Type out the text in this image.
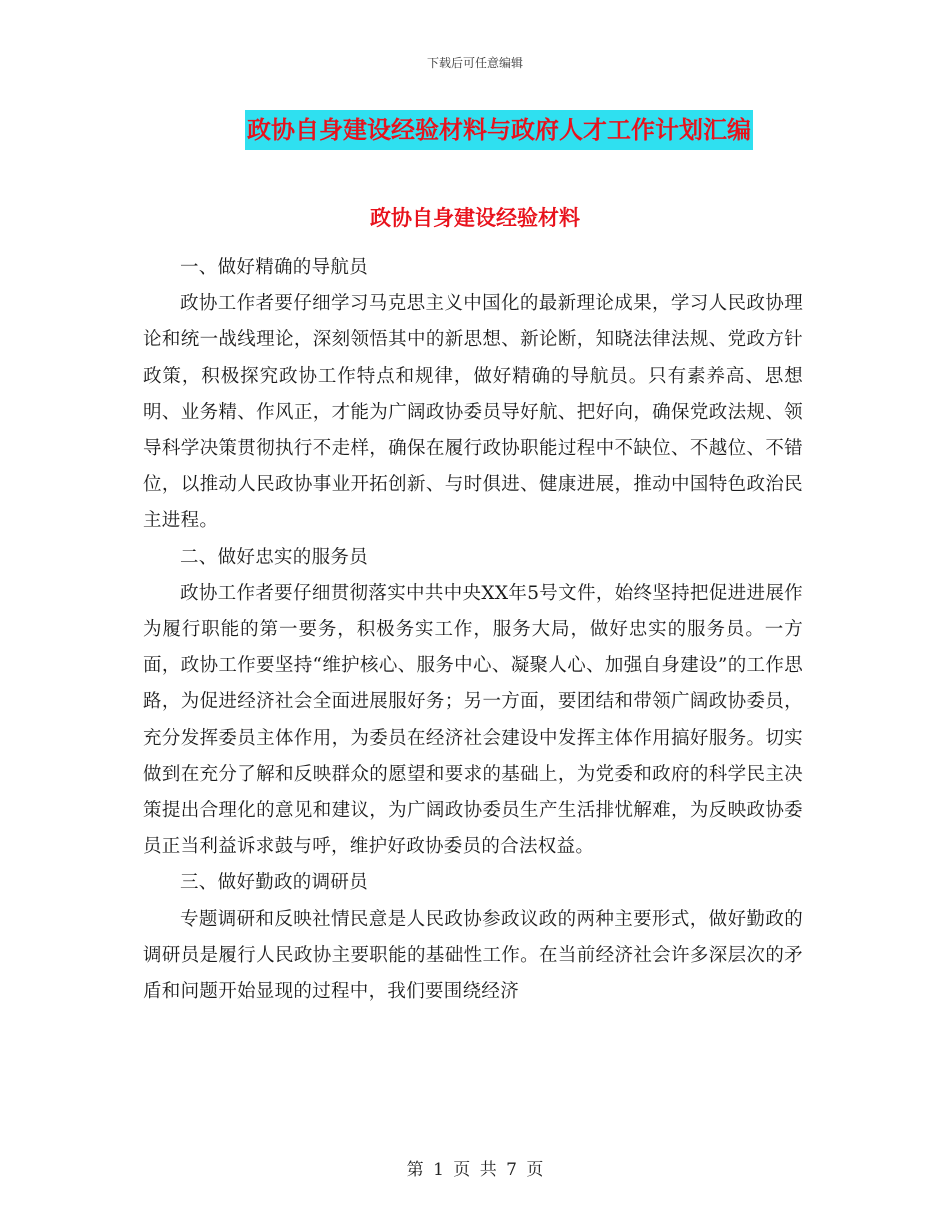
下载后可任意编辑
政协自身建设经验材料与政府人才工作计划汇编
政协自身建设经验材料

一、做好精确的导航员

政协工作者要仔细学习马克思主义中国化的最新理论成果，学习人民政协理论和统一战线理论，深刻领悟其中的新思想、新论断，知晓法律法规、党政方针政策，积极探究政协工作特点和规律，做好精确的导航员。只有素养高、思想明、业务精、作风正，才能为广阔政协委员导好航、把好向，确保党政法规、领导科学决策贯彻执行不走样，确保在履行政协职能过程中不缺位、不越位、不错位，以推动人民政协事业开拓创新、与时俱进、健康进展，推动中国特色政治民主进程。

二、做好忠实的服务员

政协工作者要仔细贯彻落实中共中央XX年5号文件，始终坚持把促进进展作为履行职能的第一要务，积极务实工作，服务大局，做好忠实的服务员。一方面，政协工作要坚持“维护核心、服务中心、凝聚人心、加强自身建设”的工作思路，为促进经济社会全面进展服好务；另一方面，要团结和带领广阔政协委员，充分发挥委员主体作用，为委员在经济社会建设中发挥主体作用搞好服务。切实做到在充分了解和反映群众的愿望和要求的基础上，为党委和政府的科学民主决策提出合理化的意见和建议，为广阔政协委员生产生活排忧解难，为反映政协委员正当利益诉求鼓与呼，维护好政协委员的合法权益。

三、做好勤政的调研员

专题调研和反映社情民意是人民政协参政议政的两种主要形式，做好勤政的调研员是履行人民政协主要职能的基础性工作。在当前经济社会许多深层次的矛盾和问题开始显现的过程中，我们要围绕经济

第 1 页 共 7 页
